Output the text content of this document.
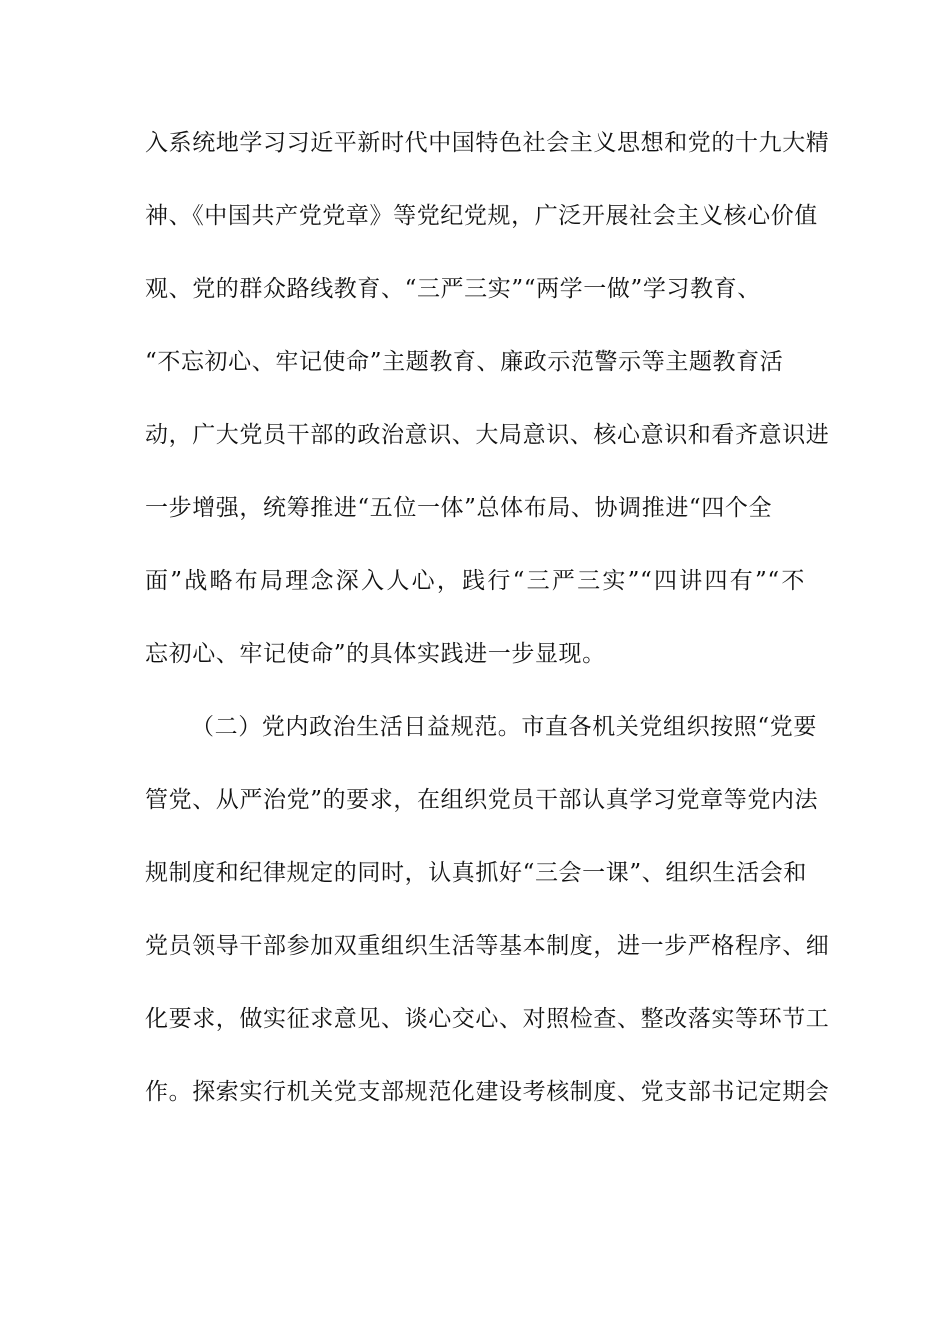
入系统地学习习近平新时代中国特色社会主义思想和党的十九大精
神、《中国共产党党章》等党纪党规，广泛开展社会主义核心价值
观、党的群众路线教育、“三严三实”“两学一做”学习教育、
“不忘初心、牢记使命”主题教育、廉政示范警示等主题教育活
动，广大党员干部的政治意识、大局意识、核心意识和看齐意识进
一步增强，统筹推进“五位一体”总体布局、协调推进“四个全
面”战略布局理念深入人心，践行“三严三实”“四讲四有”“不
忘初心、牢记使命”的具体实践进一步显现。
（二）党内政治生活日益规范。市直各机关党组织按照“党要
管党、从严治党”的要求，在组织党员干部认真学习党章等党内法
规制度和纪律规定的同时，认真抓好“三会一课”、组织生活会和
党员领导干部参加双重组织生活等基本制度，进一步严格程序、细
化要求，做实征求意见、谈心交心、对照检查、整改落实等环节工
作。探索实行机关党支部规范化建设考核制度、党支部书记定期会
